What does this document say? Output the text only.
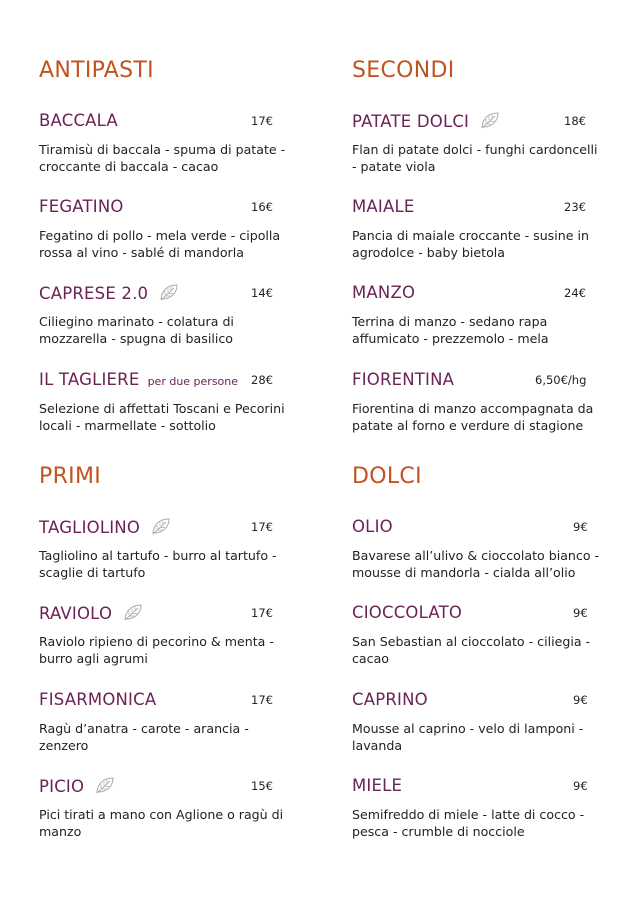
ANTIPASTI
BACCALA	17€
Tiramisù di baccala - spuma di patate - croccante di baccala - cacao
FEGATINO	16€
Fegatino di pollo - mela verde - cipolla rossa al vino - sablé di mandorla
CAPRESE 2.0	14€
Ciliegino marinato - colatura di mozzarella - spugna di basilico
IL TAGLIERE per due persone 28€
Selezione di affettati Toscani e Pecorini locali - marmellate - sottolio
PRIMI
TAGLIOLINO	17€
Tagliolino al tartufo - burro al tartufo - scaglie di tartufo
RAVIOLO	17€
Raviolo ripieno di pecorino & menta - burro agli agrumi
FISARMONICA	17€
Ragù d’anatra - carote - arancia - zenzero
PICIO	15€
Pici tirati a mano con Aglione o ragù di manzo
SECONDI
PATATE DOLCI	18€
Flan di patate dolci - funghi cardoncelli - patate viola
MAIALE	23€
Pancia di maiale croccante - susine in agrodolce - baby bietola
MANZO	24€
Terrina di manzo - sedano rapa affumicato - prezzemolo - mela
FIORENTINA	6,50€/hg
Fiorentina di manzo accompagnata da patate al forno e verdure di stagione
DOLCI
OLIO	9€
Bavarese all’ulivo & cioccolato bianco - mousse di mandorla - cialda all’olio
CIOCCOLATO	9€
San Sebastian al cioccolato - ciliegia - cacao
CAPRINO	9€
Mousse al caprino - velo di lamponi - lavanda
MIELE	9€
Semifreddo di miele - latte di cocco - pesca - crumble di nocciole
